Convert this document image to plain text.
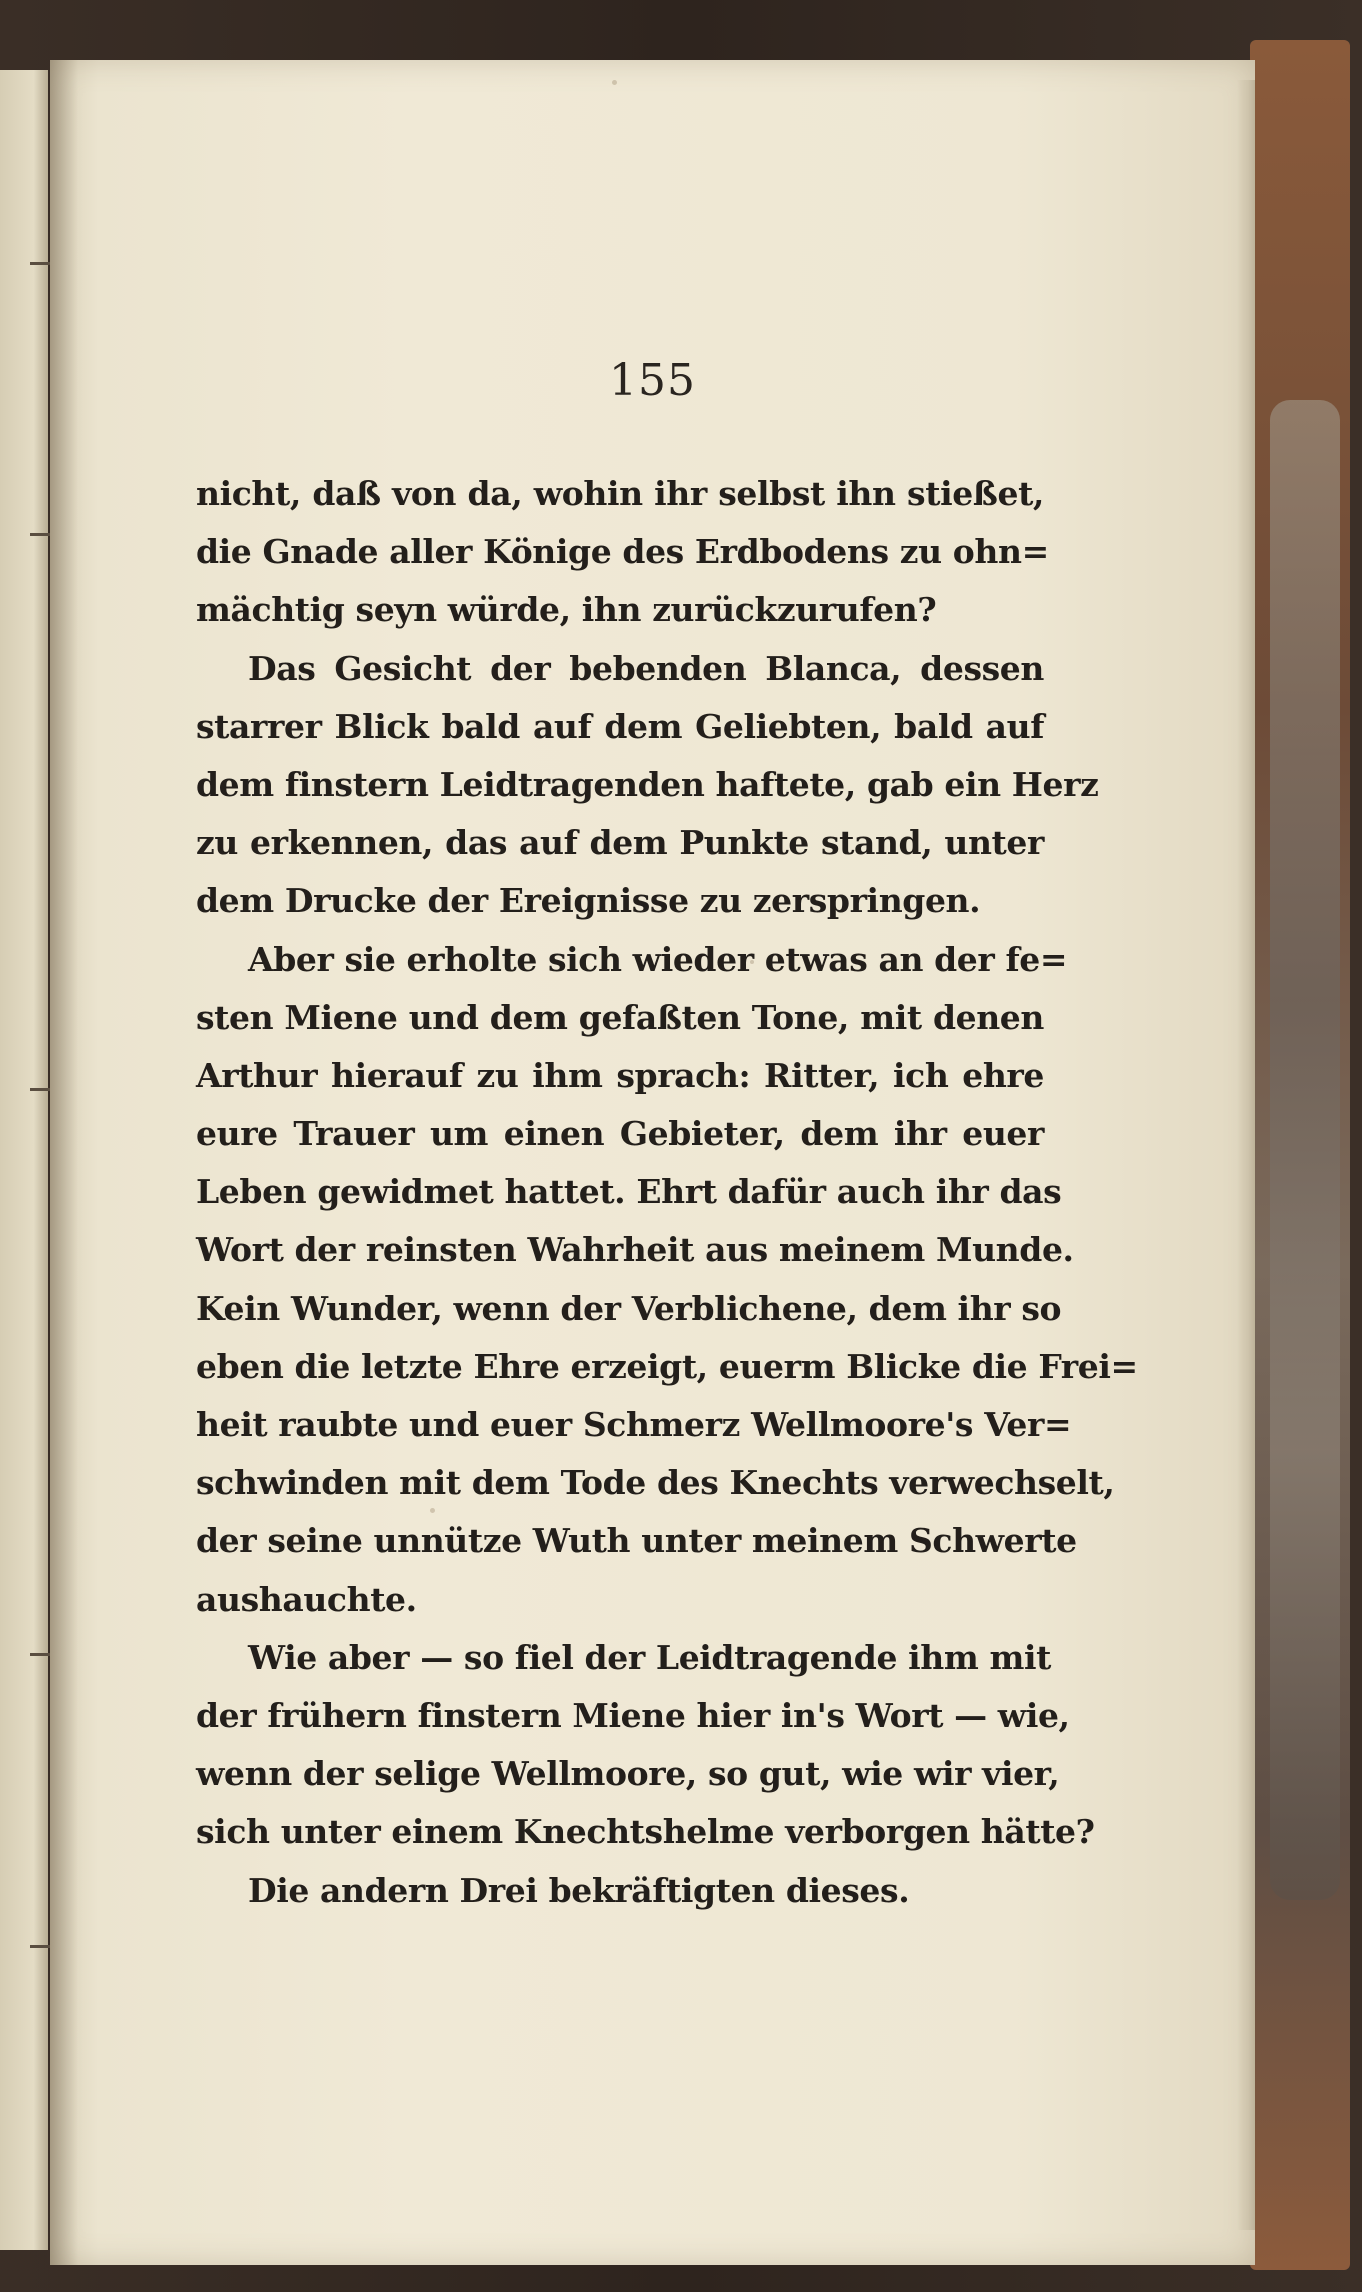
155
nicht, daß von da, wohin ihr selbst ihn stießet,
die Gnade aller Könige des Erdbodens zu ohn=
mächtig seyn würde, ihn zurückzurufen?
Das Gesicht der bebenden Blanca, dessen
starrer Blick bald auf dem Geliebten, bald auf
dem finstern Leidtragenden haftete, gab ein Herz
zu erkennen, das auf dem Punkte stand, unter
dem Drucke der Ereignisse zu zerspringen.
Aber sie erholte sich wieder etwas an der fe=
sten Miene und dem gefaßten Tone, mit denen
Arthur hierauf zu ihm sprach: Ritter, ich ehre
eure Trauer um einen Gebieter, dem ihr euer
Leben gewidmet hattet. Ehrt dafür auch ihr das
Wort der reinsten Wahrheit aus meinem Munde.
Kein Wunder, wenn der Verblichene, dem ihr so
eben die letzte Ehre erzeigt, euerm Blicke die Frei=
heit raubte und euer Schmerz Wellmoore's Ver=
schwinden mit dem Tode des Knechts verwechselt,
der seine unnütze Wuth unter meinem Schwerte
aushauchte.
Wie aber — so fiel der Leidtragende ihm mit
der frühern finstern Miene hier in's Wort — wie,
wenn der selige Wellmoore, so gut, wie wir vier,
sich unter einem Knechtshelme verborgen hätte?
Die andern Drei bekräftigten dieses.
